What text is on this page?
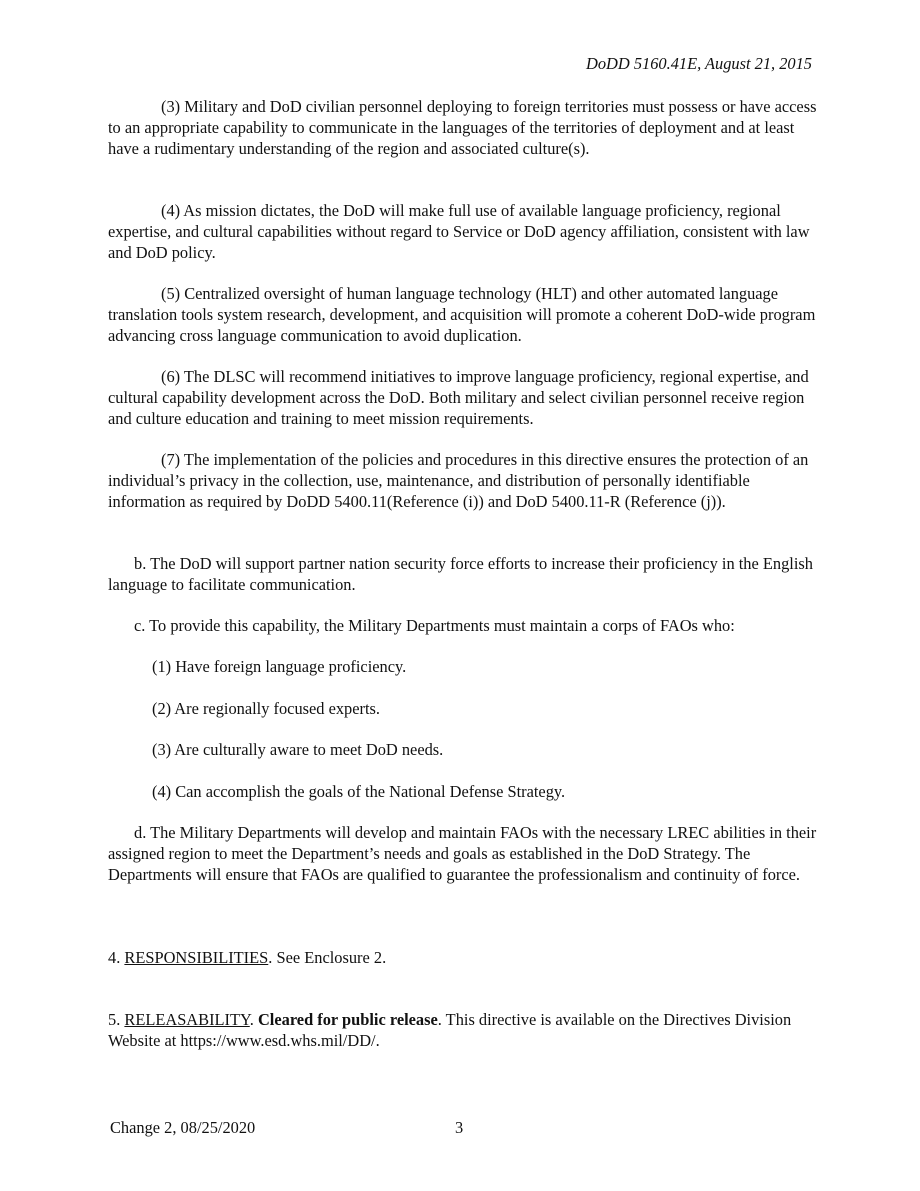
DoDD 5160.41E, August 21, 2015

(3) Military and DoD civilian personnel deploying to foreign territories must possess or have access to an appropriate capability to communicate in the languages of the territories of deployment and at least have a rudimentary understanding of the region and associated culture(s).

(4) As mission dictates, the DoD will make full use of available language proficiency, regional expertise, and cultural capabilities without regard to Service or DoD agency affiliation, consistent with law and DoD policy.

(5) Centralized oversight of human language technology (HLT) and other automated language translation tools system research, development, and acquisition will promote a coherent DoD-wide program advancing cross language communication to avoid duplication.

(6) The DLSC will recommend initiatives to improve language proficiency, regional expertise, and cultural capability development across the DoD. Both military and select civilian personnel receive region and culture education and training to meet mission requirements.

(7) The implementation of the policies and procedures in this directive ensures the protection of an individual’s privacy in the collection, use, maintenance, and distribution of personally identifiable information as required by DoDD 5400.11(Reference (i)) and DoD 5400.11-R (Reference (j)).

b. The DoD will support partner nation security force efforts to increase their proficiency in the English language to facilitate communication.

c. To provide this capability, the Military Departments must maintain a corps of FAOs who:

(1) Have foreign language proficiency.

(2) Are regionally focused experts.

(3) Are culturally aware to meet DoD needs.

(4) Can accomplish the goals of the National Defense Strategy.

d. The Military Departments will develop and maintain FAOs with the necessary LREC abilities in their assigned region to meet the Department’s needs and goals as established in the DoD Strategy. The Departments will ensure that FAOs are qualified to guarantee the professionalism and continuity of force.

4. RESPONSIBILITIES. See Enclosure 2.

5. RELEASABILITY. Cleared for public release. This directive is available on the Directives Division Website at https://www.esd.whs.mil/DD/.

Change 2, 08/25/2020	3
